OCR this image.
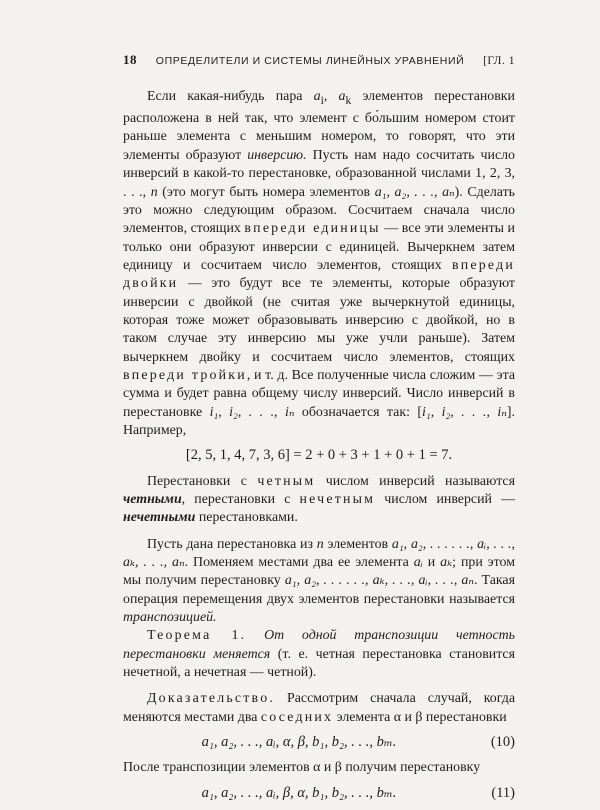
18 ОПРЕДЕЛИТЕЛИ И СИСТЕМЫ ЛИНЕЙНЫХ УРАВНЕНИЙ [ГЛ. 1

Если какая-нибудь пара $a_i$, $a_k$ элементов перестановки расположена в ней так, что элемент с бо́льшим номером стоит раньше элемента с меньшим номером, то говорят, что эти элементы образуют инверсию. Пусть нам надо сосчитать число инверсий в какой-то перестановке, образованной числами 1, 2, 3, . . ., n (это могут быть номера элементов a₁, a₂, . . ., aₙ). Сделать это можно следующим образом. Сосчитаем сначала число элементов, стоящих впереди единицы — все эти элементы и только они образуют инверсии с единицей. Вычеркнем затем единицу и сосчитаем число элементов, стоящих впереди двойки — это будут все те элементы, которые образуют инверсии с двойкой (не считая уже вычеркнутой единицы, которая тоже может образовывать инверсию с двойкой, но в таком случае эту инверсию мы уже учли раньше). Затем вычеркнем двойку и сосчитаем число элементов, стоящих впереди тройки, и т. д. Все полученные числа сложим — эта сумма и будет равна общему числу инверсий. Число инверсий в перестановке i₁, i₂, . . ., iₙ обозначается так: [i₁, i₂, . . ., iₙ]. Например,

[2, 5, 1, 4, 7, 3, 6] = 2 + 0 + 3 + 1 + 0 + 1 = 7.

Перестановки с четным числом инверсий называются четными, перестановки с нечетным числом инверсий — нечетными перестановками.

Пусть дана перестановка из n элементов a₁, a₂, . . . . . ., aᵢ, . . ., aₖ, . . ., aₙ. Поменяем местами два ее элемента aᵢ и aₖ; при этом мы получим перестановку a₁, a₂, . . . . . ., aₖ, . . ., aᵢ, . . ., aₙ. Такая операция перемещения двух элементов перестановки называется транспозицией.

Теорема 1. От одной транспозиции четность перестановки меняется (т. е. четная перестановка становится нечетной, а нечетная — четной).

Доказательство. Рассмотрим сначала случай, когда меняются местами два соседних элемента α и β перестановки

a₁, a₂, . . ., aᵢ, α, β, b₁, b₂, . . ., bₘ.	(10)

После транспозиции элементов α и β получим перестановку

a₁, a₂, . . ., aᵢ, β, α, b₁, b₂, . . ., bₘ.	(11)
